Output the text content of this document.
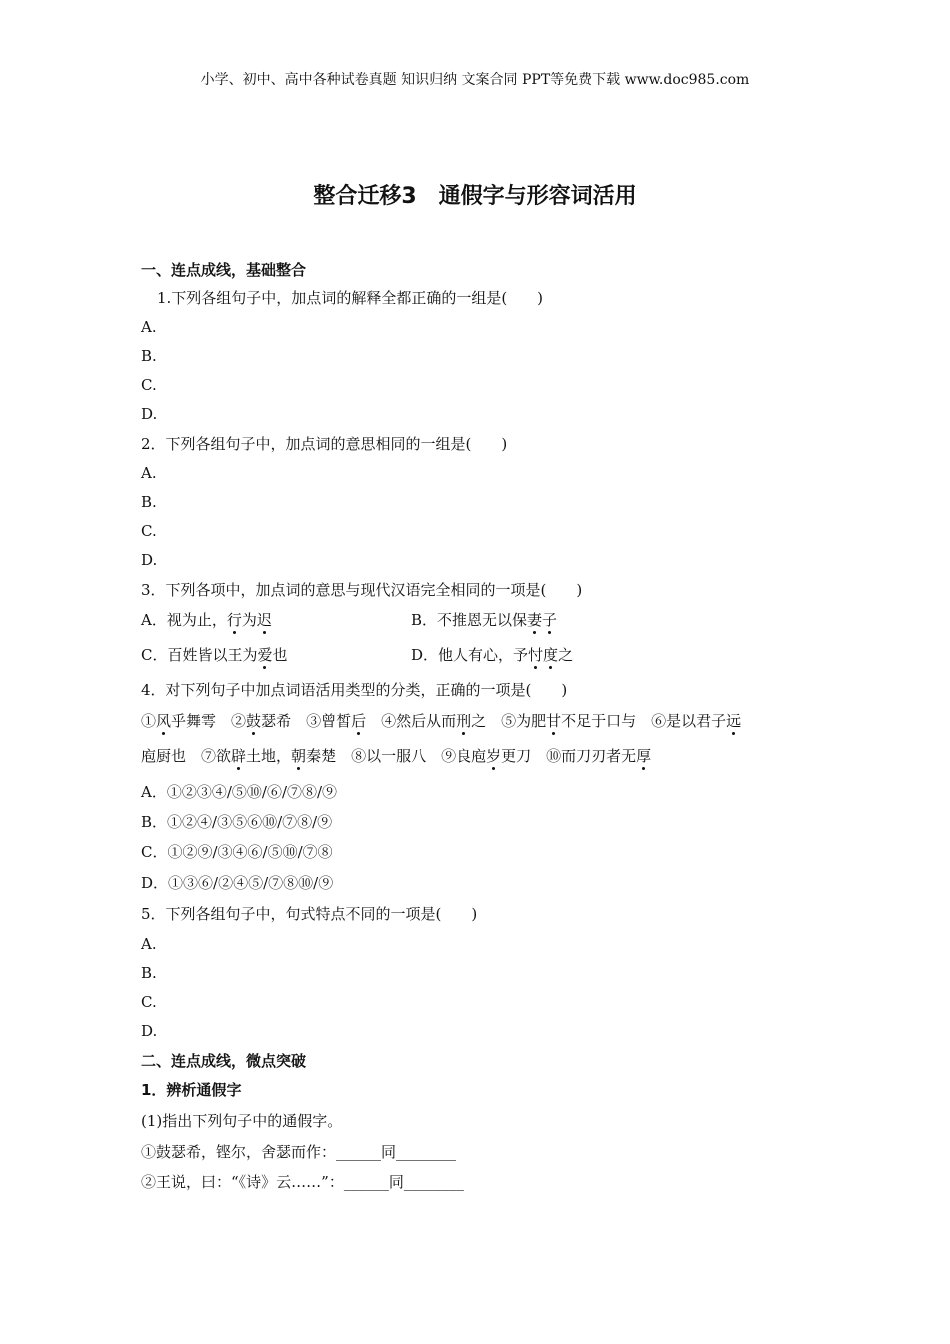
小学、初中、高中各种试卷真题 知识归纳 文案合同 PPT等免费下载 www.doc985.com
整合迁移3　通假字与形容词活用
一、连点成线，基础整合
1.下列各组句子中，加点词的解释全都正确的一组是(　　)
A.
B.
C.
D.
2．下列各组句子中，加点词的意思相同的一组是(　　)
A.
B.
C.
D.
3．下列各项中，加点词的意思与现代汉语完全相同的一项是(　　)
A．视为止，行为迟	B．不推恩无以保妻子
C．百姓皆以王为爱也	D．他人有心，予忖度之
4．对下列句子中加点词语活用类型的分类，正确的一项是(　　)
①风乎舞雩　②鼓瑟希　③曾皙后　④然后从而刑之　⑤为肥甘不足于口与　⑥是以君子远
庖厨也　⑦欲辟土地，朝秦楚　⑧以一服八　⑨良庖岁更刀　⑩而刀刃者无厚
A．①②③④/⑤⑩/⑥/⑦⑧/⑨
B．①②④/③⑤⑥⑩/⑦⑧/⑨
C．①②⑨/③④⑥/⑤⑩/⑦⑧
D．①③⑥/②④⑤/⑦⑧⑩/⑨
5．下列各组句子中，句式特点不同的一项是(　　)
A.
B.
C.
D.
二、连点成线，微点突破
1．辨析通假字
(1)指出下列句子中的通假字。
①鼓瑟希，铿尔，舍瑟而作：______同________
②王说，曰：“《诗》云……”：______同________
